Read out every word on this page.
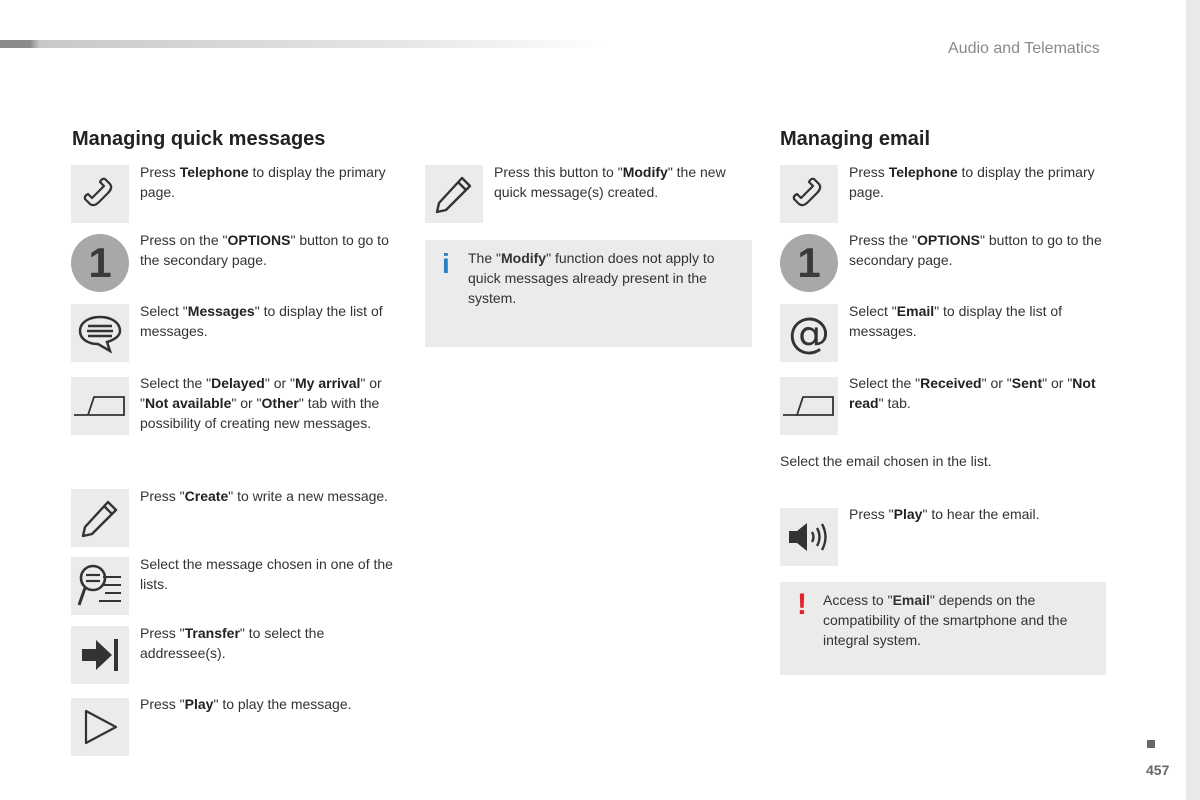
Audio and Telematics
Managing quick messages
Press Telephone to display the primary page.
1	Press on the "OPTIONS" button to go to the secondary page.
Select "Messages" to display the list of messages.
Select the "Delayed" or "My arrival" or "Not available" or "Other" tab with the possibility of creating new messages.
Press "Create" to write a new message.
Select the message chosen in one of the lists.
Press "Transfer" to select the addressee(s).
Press "Play" to play the message.
Press this button to "Modify" the new quick message(s) created.
i The "Modify" function does not apply to quick messages already present in the system.
Managing email
Press Telephone to display the primary page.
1	Press the "OPTIONS" button to go to the secondary page.
@ Select "Email" to display the list of messages.
Select the "Received" or "Sent" or "Not read" tab.
Select the email chosen in the list.
Press "Play" to hear the email.
! Access to "Email" depends on the compatibility of the smartphone and the integral system.
457
